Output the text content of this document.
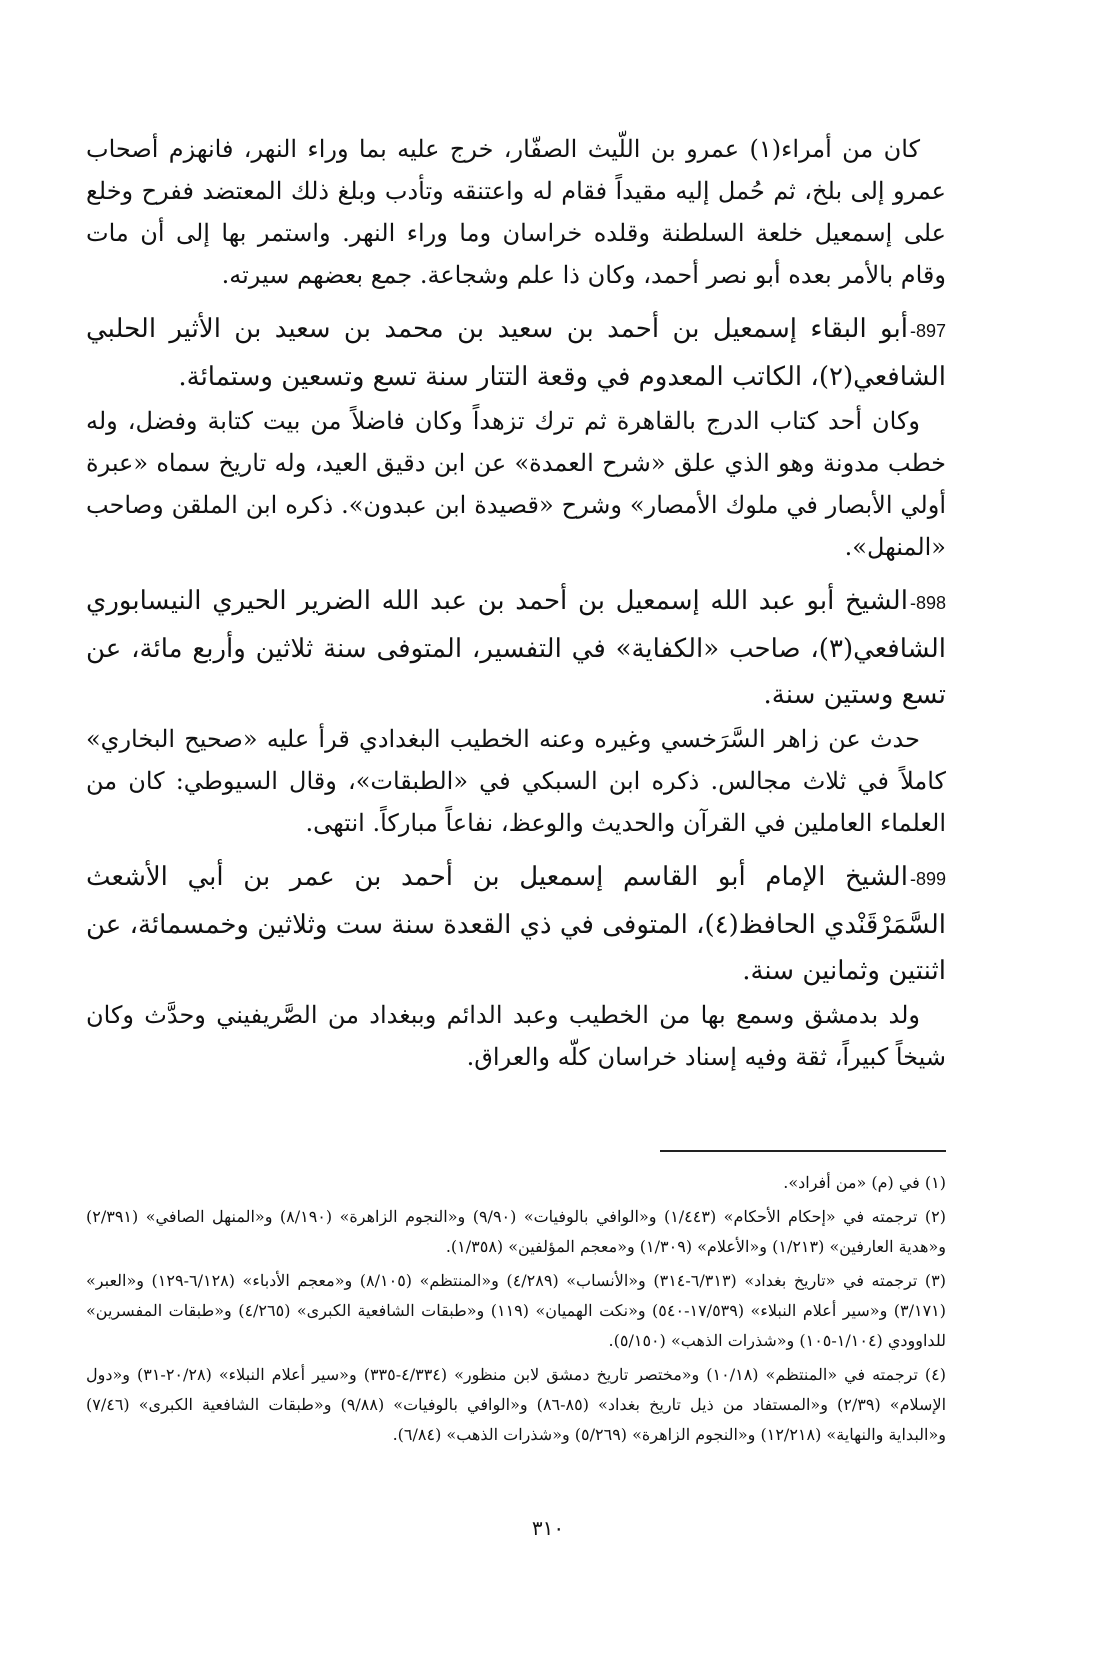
كان من أمراء(١) عمرو بن اللّيث الصفّار، خرج عليه بما وراء النهر، فانهزم أصحاب عمرو إلى بلخ، ثم حُمل إليه مقيداً فقام له واعتنقه وتأدب وبلغ ذلك المعتضد ففرح وخلع على إسمعيل خلعة السلطنة وقلده خراسان وما وراء النهر. واستمر بها إلى أن مات وقام بالأمر بعده أبو نصر أحمد، وكان ذا علم وشجاعة. جمع بعضهم سيرته.

897-أبو البقاء إسمعيل بن أحمد بن سعيد بن محمد بن سعيد بن الأثير الحلبي الشافعي(٢)، الكاتب المعدوم في وقعة التتار سنة تسع وتسعين وستمائة.

وكان أحد كتاب الدرج بالقاهرة ثم ترك تزهداً وكان فاضلاً من بيت كتابة وفضل، وله خطب مدونة وهو الذي علق «شرح العمدة» عن ابن دقيق العيد، وله تاريخ سماه «عبرة أولي الأبصار في ملوك الأمصار» وشرح «قصيدة ابن عبدون». ذكره ابن الملقن وصاحب «المنهل».

898-الشيخ أبو عبد الله إسمعيل بن أحمد بن عبد الله الضرير الحيري النيسابوري الشافعي(٣)، صاحب «الكفاية» في التفسير، المتوفى سنة ثلاثين وأربع مائة، عن تسع وستين سنة.

حدث عن زاهر السَّرَخسي وغيره وعنه الخطيب البغدادي قرأ عليه «صحيح البخاري» كاملاً في ثلاث مجالس. ذكره ابن السبكي في «الطبقات»، وقال السيوطي: كان من العلماء العاملين في القرآن والحديث والوعظ، نفاعاً مباركاً. انتهى.

899-الشيخ الإمام أبو القاسم إسمعيل بن أحمد بن عمر بن أبي الأشعث السَّمَرْقَنْدي الحافظ(٤)، المتوفى في ذي القعدة سنة ست وثلاثين وخمسمائة، عن اثنتين وثمانين سنة.

ولد بدمشق وسمع بها من الخطيب وعبد الدائم وببغداد من الصَّريفيني وحدَّث وكان شيخاً كبيراً، ثقة وفيه إسناد خراسان كلّه والعراق.

(١) في (م) «من أفراد».

(٢) ترجمته في «إحكام الأحكام» (١/٤٤٣) و«الوافي بالوفيات» (٩/٩٠) و«النجوم الزاهرة» (٨/١٩٠) و«المنهل الصافي» (٢/٣٩١) و«هدية العارفين» (١/٢١٣) و«الأعلام» (١/٣٠٩) و«معجم المؤلفين» (١/٣٥٨).

(٣) ترجمته في «تاريخ بغداد» (٦/٣١٣-٣١٤) و«الأنساب» (٤/٢٨٩) و«المنتظم» (٨/١٠٥) و«معجم الأدباء» (٦/١٢٨-١٢٩) و«العبر» (٣/١٧١) و«سير أعلام النبلاء» (١٧/٥٣٩-٥٤٠) و«نكت الهميان» (١١٩) و«طبقات الشافعية الكبرى» (٤/٢٦٥) و«طبقات المفسرين» للداوودي (١/١٠٤-١٠٥) و«شذرات الذهب» (٥/١٥٠).

(٤) ترجمته في «المنتظم» (١٠/١٨) و«مختصر تاريخ دمشق لابن منظور» (٤/٣٣٤-٣٣٥) و«سير أعلام النبلاء» (٢٠/٢٨-٣١) و«دول الإسلام» (٢/٣٩) و«المستفاد من ذيل تاريخ بغداد» (٨٥-٨٦) و«الوافي بالوفيات» (٩/٨٨) و«طبقات الشافعية الكبرى» (٧/٤٦) و«البداية والنهاية» (١٢/٢١٨) و«النجوم الزاهرة» (٥/٢٦٩) و«شذرات الذهب» (٦/٨٤).

٣١٠
